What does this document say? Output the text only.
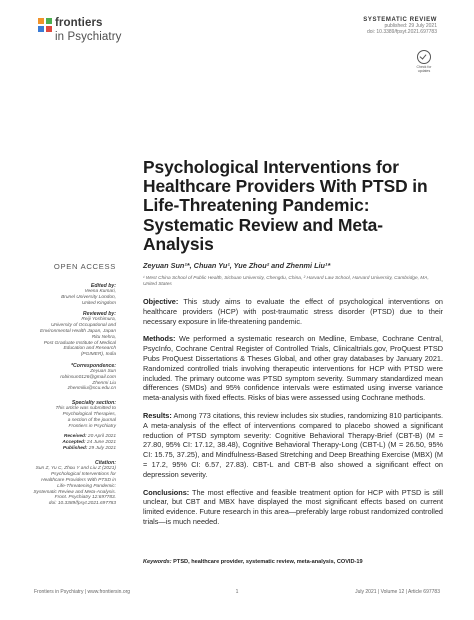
frontiers
in Psychiatry
SYSTEMATIC REVIEW
published: 29 July 2021
doi: 10.3389/fpsyt.2021.697783
Check for updates
Psychological Interventions for Healthcare Providers With PTSD in Life-Threatening Pandemic: Systematic Review and Meta-Analysis
OPEN ACCESS
Edited by:
Veena Kumari,
Brunel University London,
United Kingdom
Reviewed by:
Reiji Yoshimura,
University of Occupational and
Environmental Health Japan, Japan
Ritu Nehra,
Post Graduate Institute of Medical
Education and Research
(PGIMER), India
*Correspondence:
Zeyuan Sun
robinsun0126@gmail.com
Zhenmi Liu
zhenmiliu@scu.edu.cn
Specialty section:
This article was submitted to
Psychological Therapies,
a section of the journal
Frontiers in Psychiatry
Received: 20 April 2021
Accepted: 24 June 2021
Published: 29 July 2021
Citation:
Sun Z, Yu C, Zhou Y and Liu Z (2021)
Psychological Interventions for
Healthcare Providers With PTSD in
Life-Threatening Pandemic:
Systematic Review and Meta-Analysis.
Front. Psychiatry 12:697783.
doi: 10.3389/fpsyt.2021.697783
Zeyuan Sun¹*, Chuan Yu¹, Yue Zhou² and Zhenmi Liu¹*
¹ West China School of Public Health, Sichuan University, Chengdu, China, ² Harvard Law School, Harvard University, Cambridge, MA, United States

Objective: This study aims to evaluate the effect of psychological interventions on healthcare providers (HCP) with post-traumatic stress disorder (PTSD) due to their necessary exposure in life-threatening pandemic.

Methods: We performed a systematic research on Medline, Embase, Cochrane Central, PsycInfo, Cochrane Central Register of Controlled Trials, Clinicaltrials.gov, ProQuest PTSD Pubs ProQuest Dissertations & Theses Global, and other gray databases by January 2021. Randomized controlled trials involving therapeutic interventions for HCP with PTSD were included. The primary outcome was PTSD symptom severity. Summary standardized mean differences (SMDs) and 95% confidence intervals were estimated using inverse variance meta-analysis with fixed effects. Risks of bias were assessed using Cochrane methods.

Results: Among 773 citations, this review includes six studies, randomizing 810 participants. A meta-analysis of the effect of interventions compared to placebo showed a significant reduction of PTSD symptom severity: Cognitive Behavioral Therapy-Brief (CBT-B) (M = 27.80, 95% CI: 17.12, 38.48), Cognitive Behavioral Therapy-Long (CBT-L) (M = 26.50, 95% CI: 15.75, 37.25), and Mindfulness-Based Stretching and Deep Breathing Exercise (MBX) (M = 17.2, 95% CI: 6.57, 27.83). CBT-L and CBT-B also showed a significant effect on depression severity.

Conclusions: The most effective and feasible treatment option for HCP with PTSD is still unclear, but CBT and MBX have displayed the most significant effects based on current limited evidence. Future research in this area—preferably large robust randomized controlled trials—is much needed.

Keywords: PTSD, healthcare provider, systematic review, meta-analysis, COVID-19
Frontiers in Psychiatry | www.frontiersin.org	1	July 2021 | Volume 12 | Article 697783
